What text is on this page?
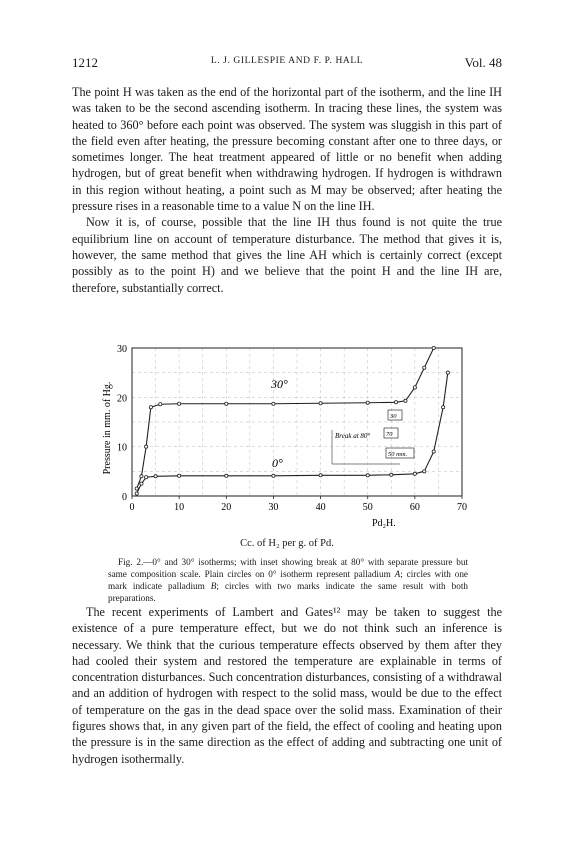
1212	L. J. GILLESPIE AND F. P. HALL	Vol. 48

The point H was taken as the end of the horizontal part of the isotherm, and the line IH was taken to be the second ascending isotherm. In tracing these lines, the system was heated to 360° before each point was observed. The system was sluggish in this part of the field even after heating, the pressure becoming constant after one to three days, or sometimes longer. The heat treatment appeared of little or no benefit when adding hydrogen, but of great benefit when withdrawing hydrogen. If hydrogen is withdrawn in this region without heating, a point such as M may be observed; after heating the pressure rises in a reasonable time to a value N on the line IH.

Now it is, of course, possible that the line IH thus found is not quite the true equilibrium line on account of temperature disturbance. The method that gives it is, however, the same method that gives the line AH which is certainly correct (except possibly as to the point H) and we believe that the point H and the line IH are, therefore, substantially correct.

0
10
20
30
0	10	20	30	40	50	60	70
Pressure in mm. of Hg.	30°
0°
Break at 80°
30
70
50 mm.
Pd₂H.
Cc. of H₂ per g. of Pd.

Fig. 2.—0° and 30° isotherms; with inset showing break at 80° with separate pressure but same composition scale. Plain circles on 0° isotherm represent palladium A; circles with one mark indicate palladium B; circles with two marks indicate the same result with both preparations.

The recent experiments of Lambert and Gates¹² may be taken to suggest the existence of a pure temperature effect, but we do not think such an inference is necessary. We think that the curious temperature effects observed by them after they had cooled their system and restored the temperature are explainable in terms of concentration disturbances. Such concentration disturbances, consisting of a withdrawal and an addition of hydrogen with respect to the solid mass, would be due to the effect of temperature on the gas in the dead space over the solid mass. Examination of their figures shows that, in any given part of the field, the effect of cooling and heating upon the pressure is in the same direction as the effect of adding and subtracting one unit of hydrogen isothermally.
